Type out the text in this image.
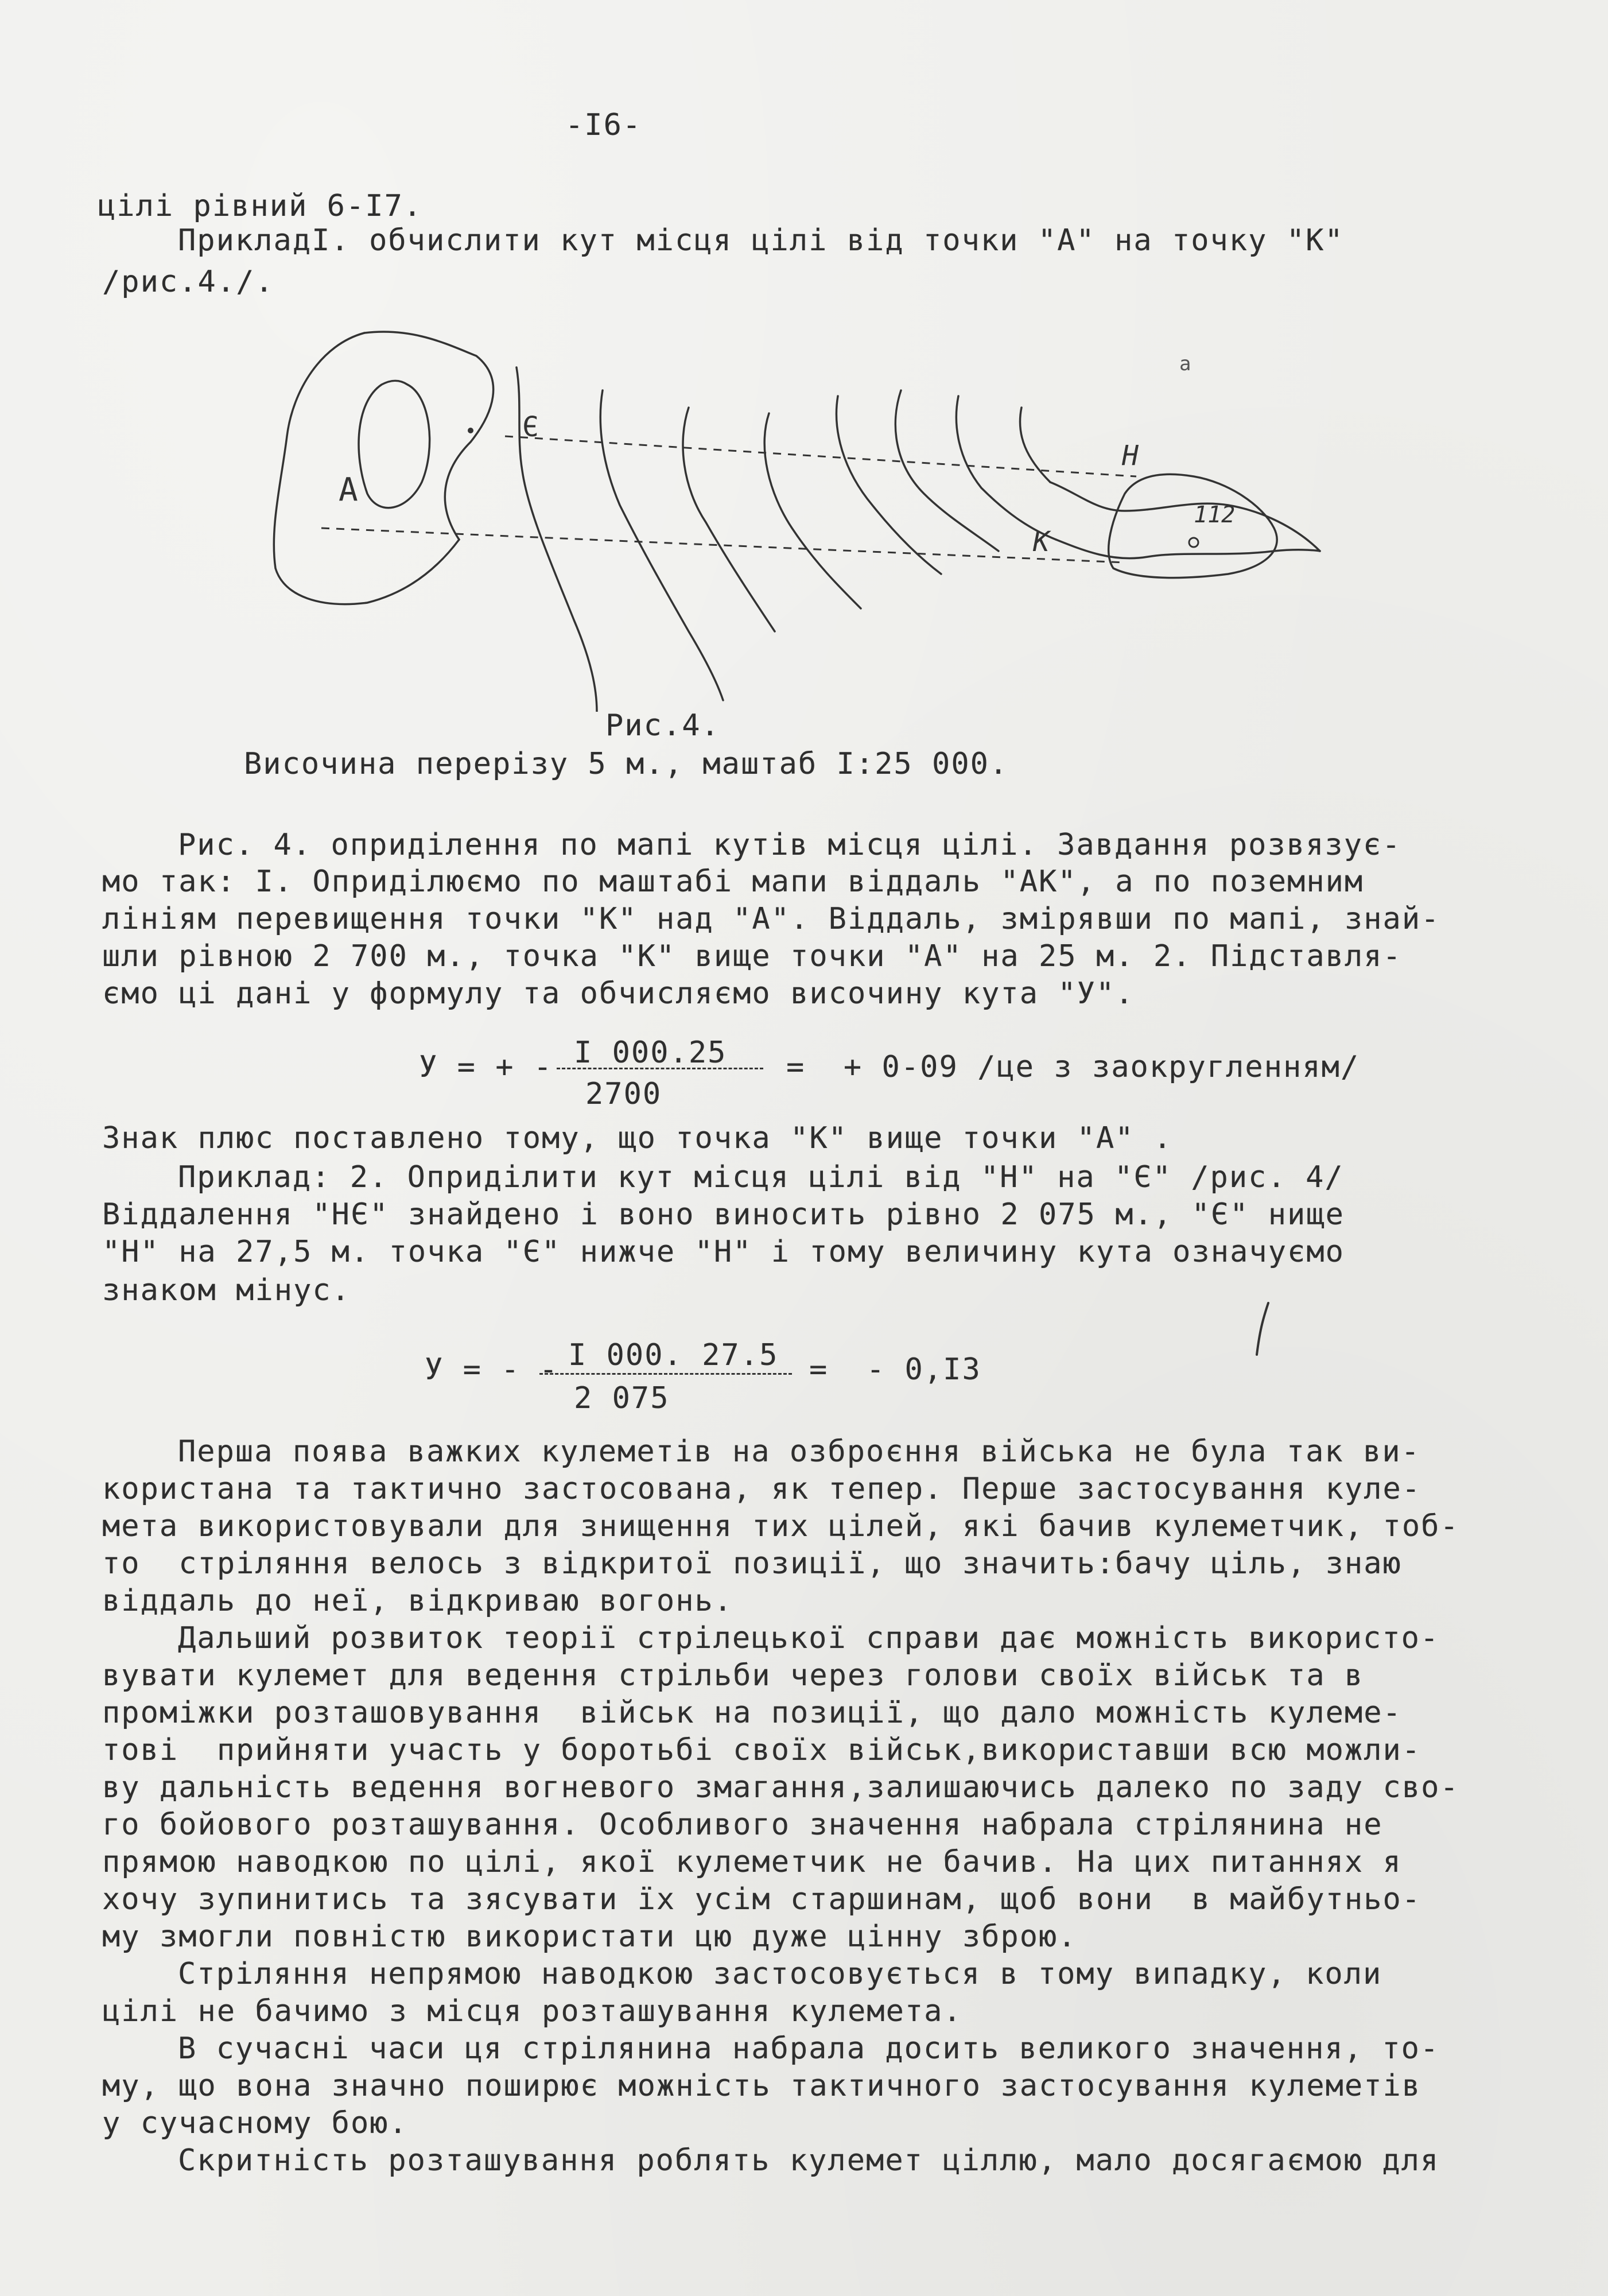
-I6-
цілі рівний 6-I7.
ПрикладI. обчислити кут місця цілі від точки "A" на точку "K"
/рис.4./.
A
Є
H
K
112
a
Рис.4.
Височина перерізу 5 м., маштаб I:25 000.
Рис. 4. опридiлення по мапі кутів місця цілі. Завдання розвязує-
мо так: I. Опридiлюємо по маштабі мапи віддаль "AK", а по поземним
лiнiям перевищення точки "K" над "A". Віддаль, змірявши по мапі, знай-
шли рівною 2 700 м., точка "K" вище точки "A" на 25 м. 2. Підставля-
ємо ці дані у формулу та обчисляємо височину кута "У".
У = + - I 000.25
2700
=  + 0-09 /це з заокругленням/
Знак плюс поставлено тому, що точка "K" вище точки "A" .
Приклад: 2. Опридiлити кут місця цілі від "H" на "Є" /рис. 4/
Віддалення "HЄ" знайдено і воно виносить рівно 2 075 м., "Є" нище
"H" на 27,5 м. точка "Є" нижче "H" і тому величину кута означуємо
знаком мінус.
У = - - I 000. 27.5
2 075
=  - 0,I3
Перша поява важких кулеметів на озброєння війська не була так ви-
користана та тактично застосована, як тепер. Перше застосування куле-
мета використовували для знищення тих цілей, які бачив кулеметчик, тоб-
то  стріляння велось з відкритої позиції, що значить:бачу ціль, знаю
віддаль до неї, відкриваю вогонь.
Дальший розвиток теорії стрілецької справи дає можність використо-
вувати кулемет для ведення стрільби через голови своїх військ та в
проміжки розташовування  військ на позиції, що дало можність кулеме-
тові  прийняти участь у боротьбі своїх військ,використавши всю можли-
ву дальність ведення вогневого змагання,залишаючись далеко по заду сво-
го бойового розташування. Особливого значення набрала стрілянина не
прямою наводкою по цілі, якої кулеметчик не бачив. На цих питаннях я
хочу зупинитись та зясувати їх усім старшинам, щоб вони  в майбутньо-
му змогли повністю використати цю дуже цінну зброю.
Стріляння непрямою наводкою застосовується в тому випадку, коли
цілі не бачимо з місця розташування кулемета.
В сучасні часи ця стрілянина набрала досить великого значення, то-
му, що вона значно поширює можність тактичного застосування кулеметів
у сучасному бою.
Скритність розташування роблять кулемет ціллю, мало досягаємою для
